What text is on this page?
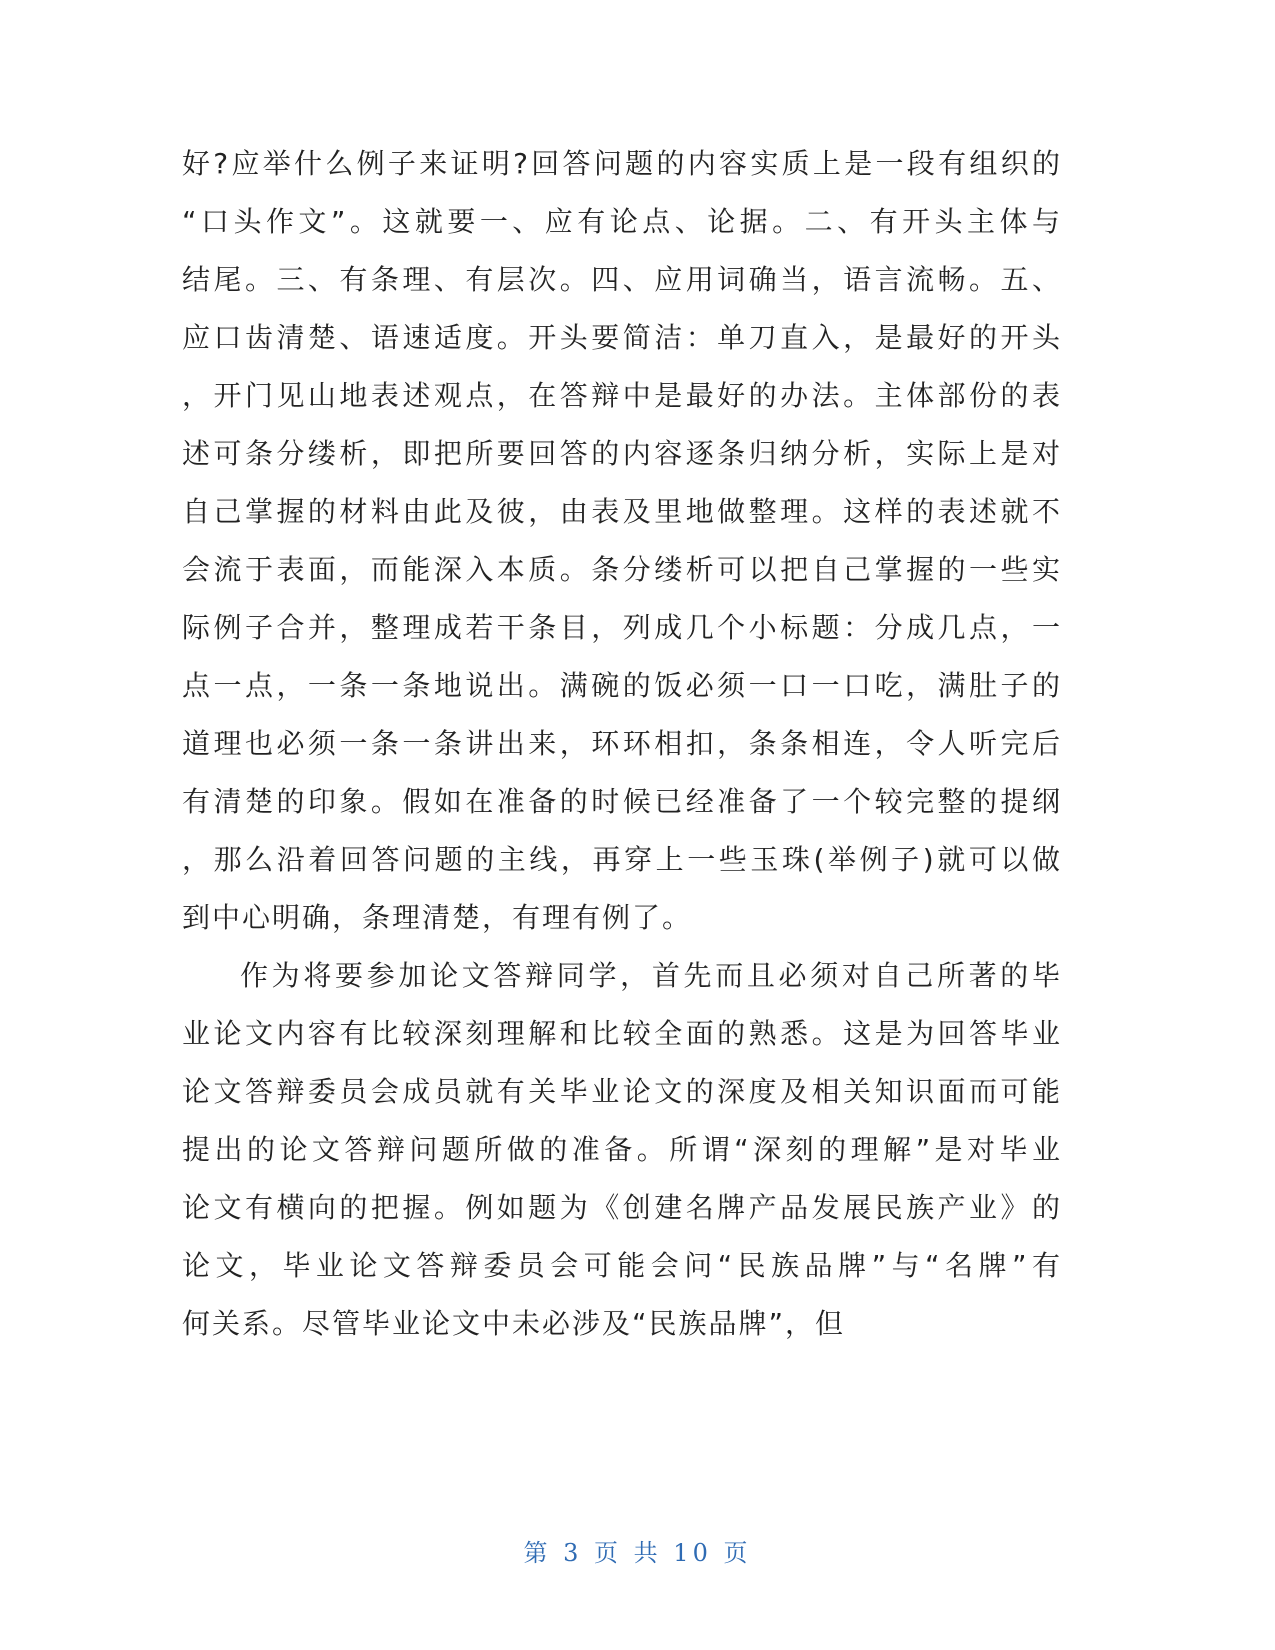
好?应举什么例子来证明?回答问题的内容实质上是一段有组织的
“口头作文”。这就要一、应有论点、论据。二、有开头主体与
结尾。三、有条理、有层次。四、应用词确当，语言流畅。五、
应口齿清楚、语速适度。开头要简洁：单刀直入，是最好的开头
，开门见山地表述观点，在答辩中是最好的办法。主体部份的表
述可条分缕析，即把所要回答的内容逐条归纳分析，实际上是对
自己掌握的材料由此及彼，由表及里地做整理。这样的表述就不
会流于表面，而能深入本质。条分缕析可以把自己掌握的一些实
际例子合并，整理成若干条目，列成几个小标题：分成几点，一
点一点，一条一条地说出。满碗的饭必须一口一口吃，满肚子的
道理也必须一条一条讲出来，环环相扣，条条相连，令人听完后
有清楚的印象。假如在准备的时候已经准备了一个较完整的提纲
，那么沿着回答问题的主线，再穿上一些玉珠(举例子)就可以做
到中心明确，条理清楚，有理有例了。
作为将要参加论文答辩同学，首先而且必须对自己所著的毕
业论文内容有比较深刻理解和比较全面的熟悉。这是为回答毕业
论文答辩委员会成员就有关毕业论文的深度及相关知识面而可能
提出的论文答辩问题所做的准备。所谓“深刻的理解”是对毕业
论文有横向的把握。例如题为《创建名牌产品发展民族产业》的
论文，毕业论文答辩委员会可能会问“民族品牌”与“名牌”有
何关系。尽管毕业论文中未必涉及“民族品牌”，但
第 3 页 共 10 页
